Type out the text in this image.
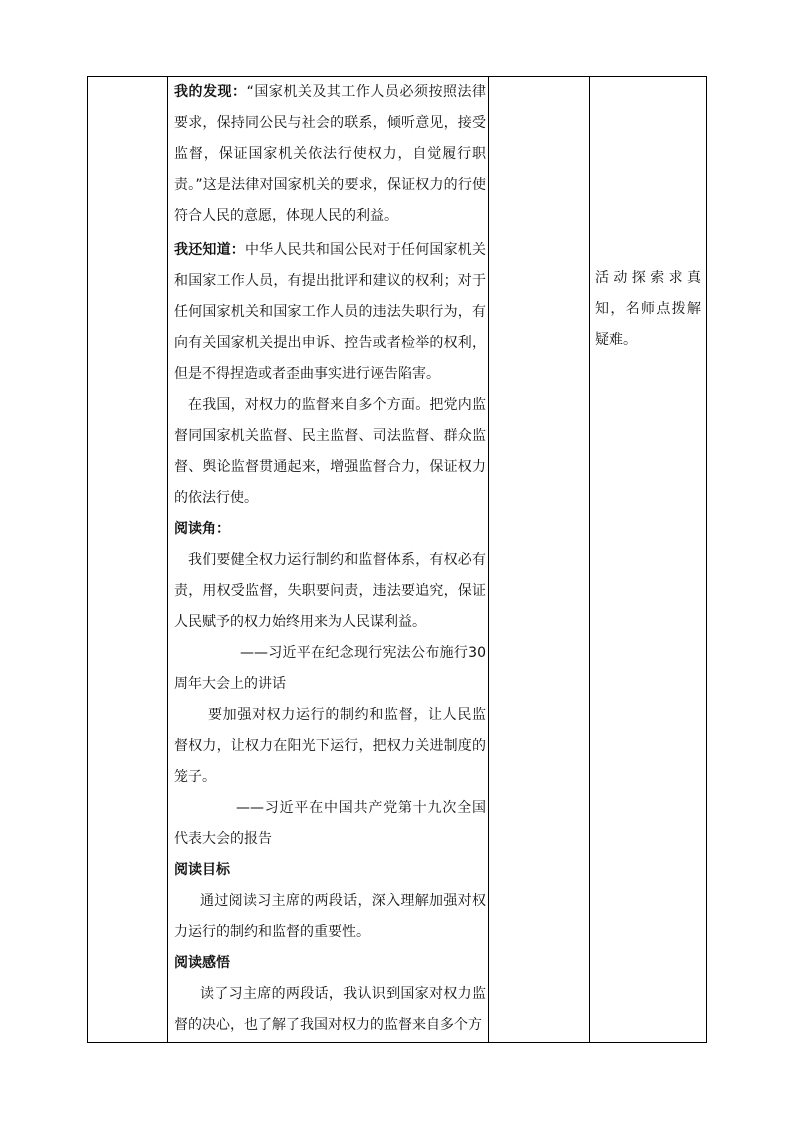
我的发现：“国家机关及其工作人员必须按照法律要求，保持同公民与社会的联系，倾听意见，接受监督，保证国家机关依法行使权力，自觉履行职责。”这是法律对国家机关的要求，保证权力的行使符合人民的意愿，体现人民的利益。

我还知道：中华人民共和国公民对于任何国家机关和国家工作人员，有提出批评和建议的权利；对于任何国家机关和国家工作人员的违法失职行为，有向有关国家机关提出申诉、控告或者检举的权利，但是不得捏造或者歪曲事实进行诬告陷害。

在我国，对权力的监督来自多个方面。把党内监督同国家机关监督、民主监督、司法监督、群众监督、舆论监督贯通起来，增强监督合力，保证权力的依法行使。

阅读角：

我们要健全权力运行制约和监督体系，有权必有责，用权受监督，失职要问责，违法要追究，保证人民赋予的权力始终用来为人民谋利益。

——习近平在纪念现行宪法公布施行30周年大会上的讲话

要加强对权力运行的制约和监督，让人民监督权力，让权力在阳光下运行，把权力关进制度的笼子。

——习近平在中国共产党第十九次全国代表大会的报告

阅读目标

通过阅读习主席的两段话，深入理解加强对权力运行的制约和监督的重要性。

阅读感悟

读了习主席的两段话，我认识到国家对权力监督的决心，也了解了我国对权力的监督来自多个方

活动探索求真知，名师点拨解疑难。
